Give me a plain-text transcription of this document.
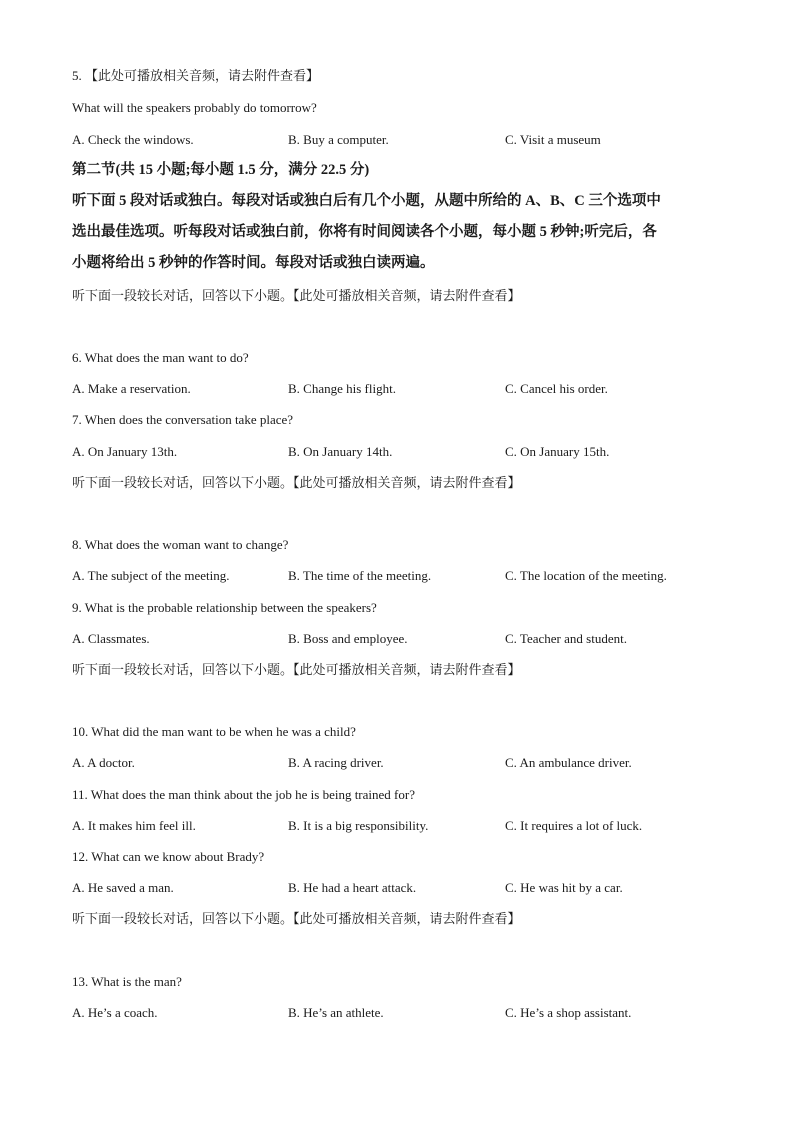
5. 【此处可播放相关音频，请去附件查看】
What will the speakers probably do tomorrow?
A. Check the windows.	B. Buy a computer.	C. Visit a museum
第二节(共 15 小题;每小题 1.5 分，满分 22.5 分)
听下面 5 段对话或独白。每段对话或独白后有几个小题，从题中所给的 A、B、C 三个选项中
选出最佳选项。听每段对话或独白前，你将有时间阅读各个小题，每小题 5 秒钟;听完后，各
小题将给出 5 秒钟的作答时间。每段对话或独白读两遍。
听下面一段较长对话，回答以下小题。【此处可播放相关音频，请去附件查看】
6. What does the man want to do?
A. Make a reservation.	B. Change his flight.	C. Cancel his order.
7. When does the conversation take place?
A. On January 13th.	B. On January 14th.	C. On January 15th.
听下面一段较长对话，回答以下小题。【此处可播放相关音频，请去附件查看】
8. What does the woman want to change?
A. The subject of the meeting.	B. The time of the meeting.	C. The location of the meeting.
9. What is the probable relationship between the speakers?
A. Classmates.	B. Boss and employee.	C. Teacher and student.
听下面一段较长对话，回答以下小题。【此处可播放相关音频，请去附件查看】
10. What did the man want to be when he was a child?
A. A doctor.	B. A racing driver.	C. An ambulance driver.
11. What does the man think about the job he is being trained for?
A. It makes him feel ill.	B. It is a big responsibility.	C. It requires a lot of luck.
12. What can we know about Brady?
A. He saved a man.	B. He had a heart attack.	C. He was hit by a car.
听下面一段较长对话，回答以下小题。【此处可播放相关音频，请去附件查看】
13. What is the man?
A. He’s a coach.	B. He’s an athlete.	C. He’s a shop assistant.
